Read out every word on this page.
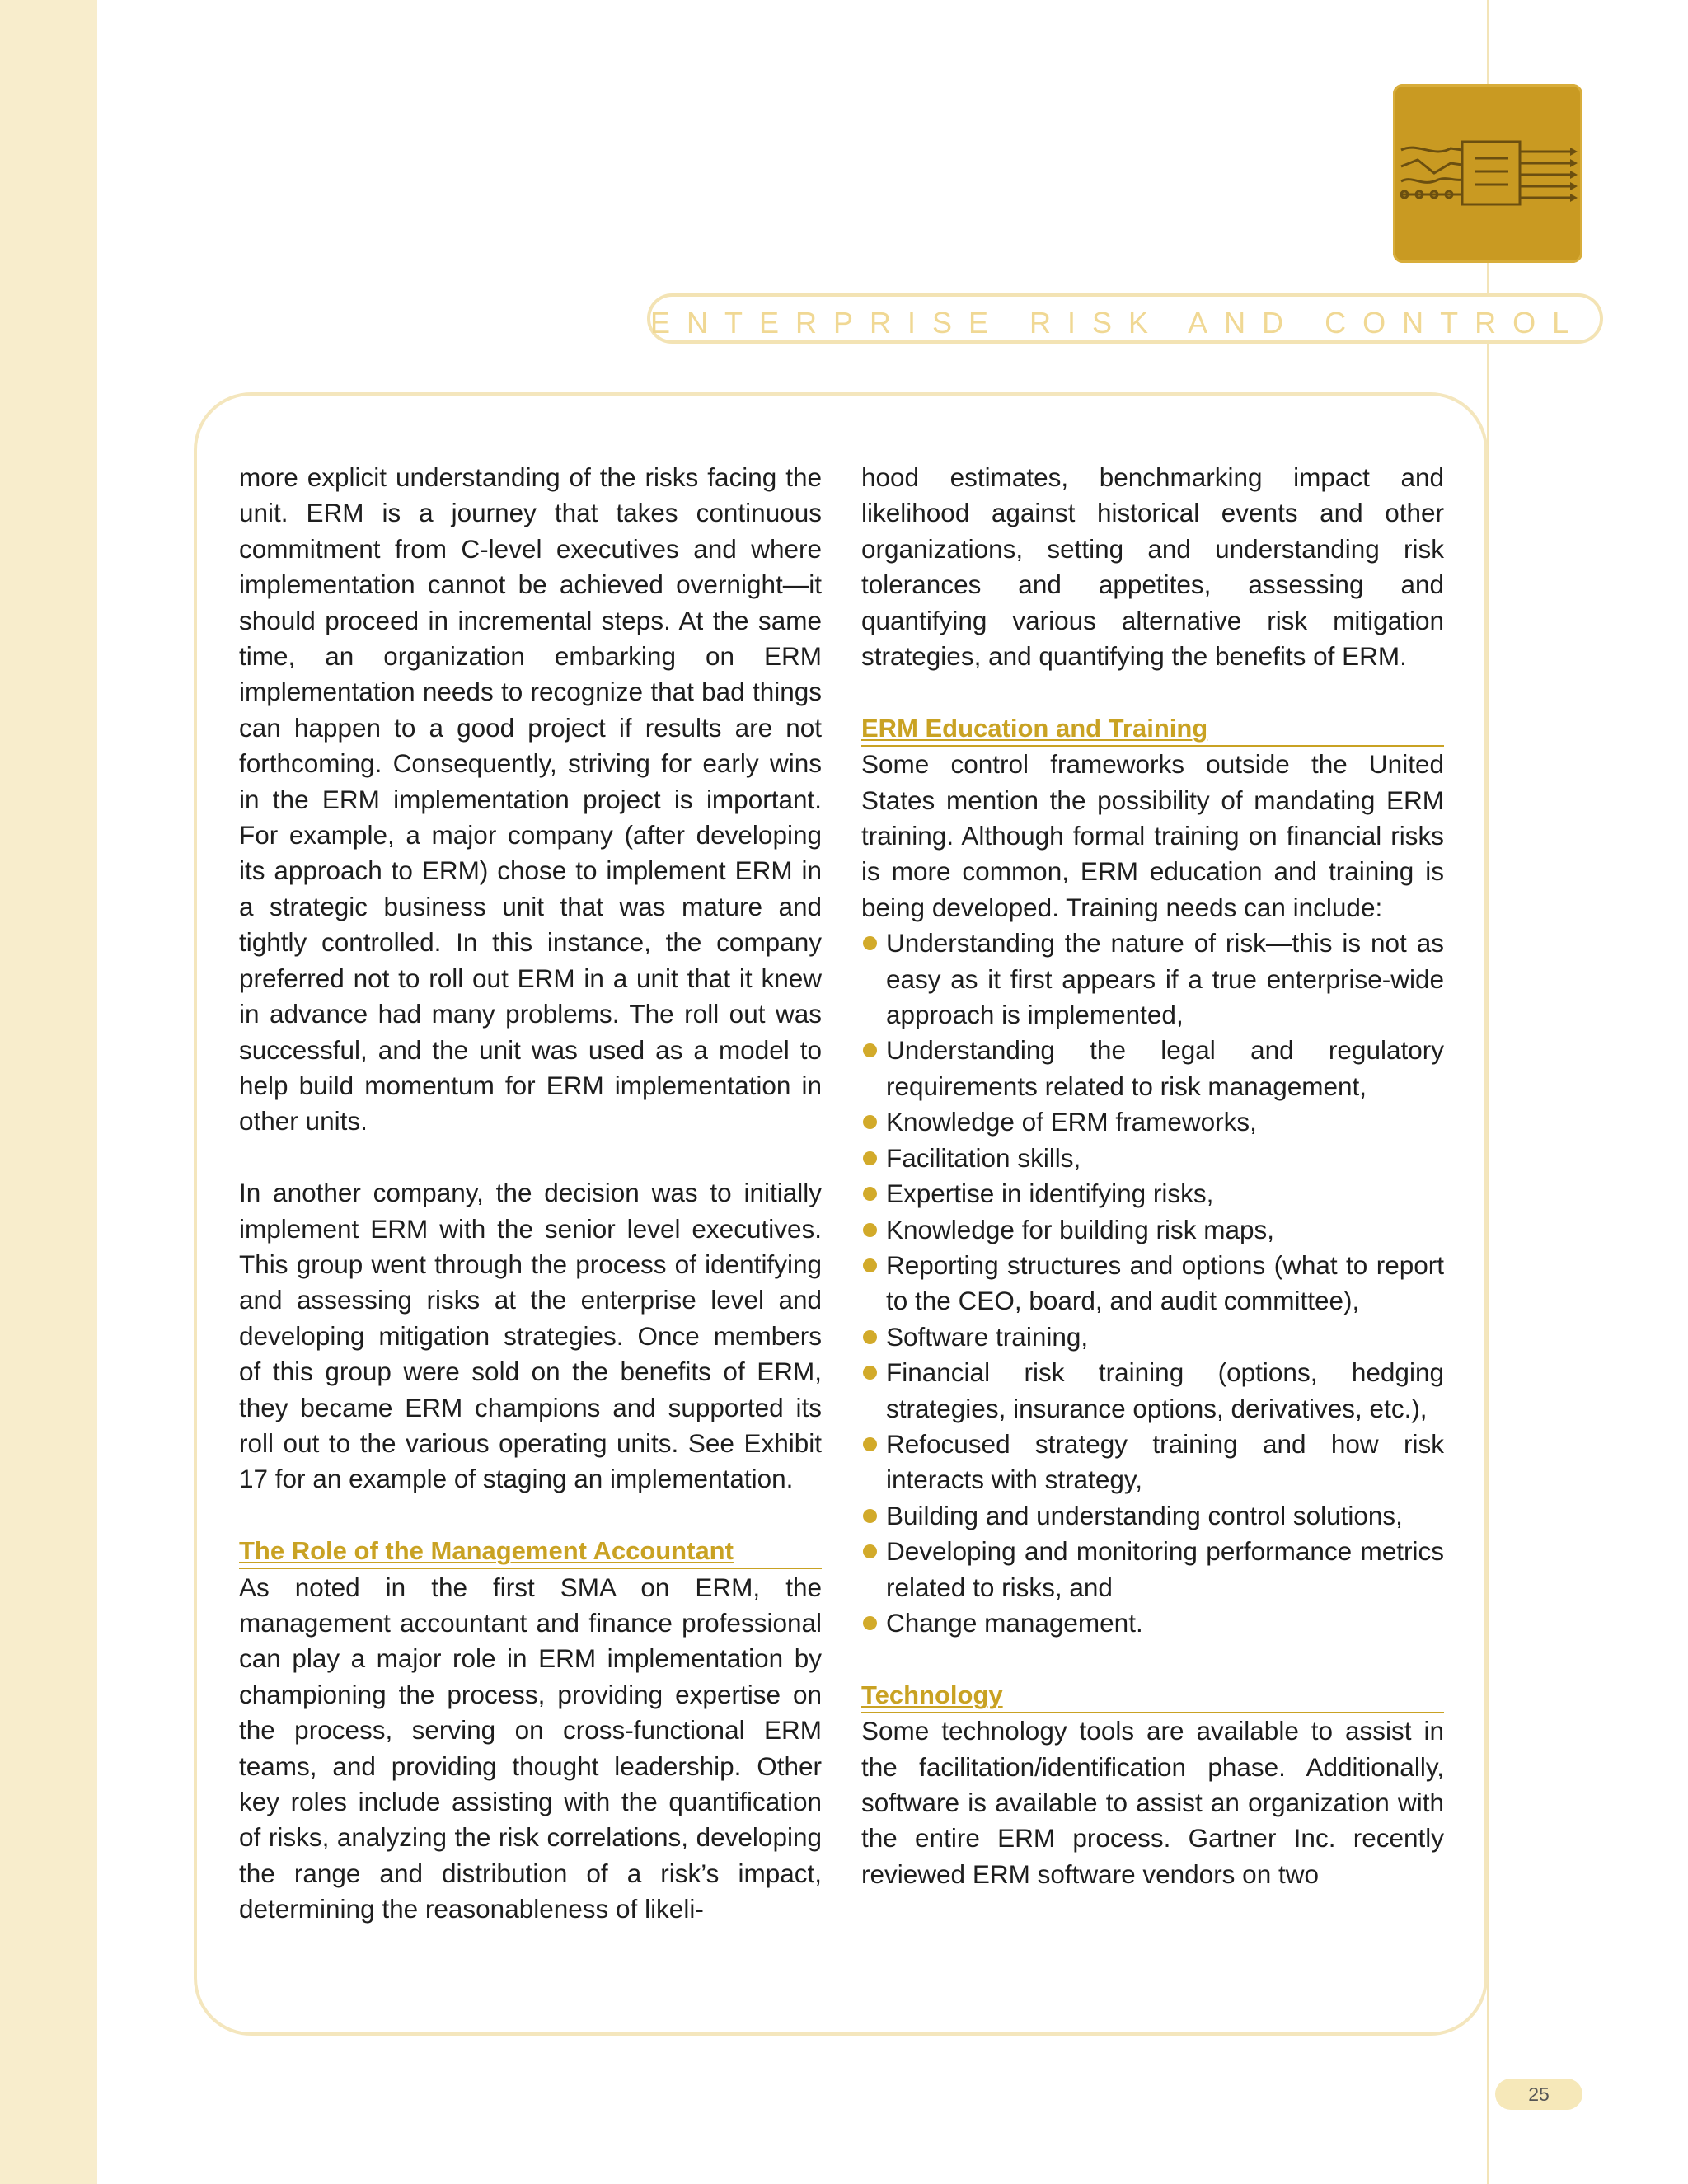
ENTERPRISE RISK AND CONTROL

more explicit understanding of the risks facing the unit. ERM is a journey that takes continuous commitment from C-level executives and where implementation cannot be achieved overnight—it should proceed in incremental steps. At the same time, an organization embarking on ERM implementation needs to recognize that bad things can happen to a good project if results are not forthcoming. Consequently, striving for early wins in the ERM implementation project is important. For example, a major company (after developing its approach to ERM) chose to implement ERM in a strategic business unit that was mature and tightly controlled. In this instance, the company preferred not to roll out ERM in a unit that it knew in advance had many problems. The roll out was successful, and the unit was used as a model to help build momentum for ERM implementation in other units.

In another company, the decision was to initially implement ERM with the senior level executives. This group went through the process of identifying and assessing risks at the enterprise level and developing mitigation strategies. Once members of this group were sold on the benefits of ERM, they became ERM champions and supported its roll out to the various operating units. See Exhibit 17 for an example of staging an implementation.

The Role of the Management Accountant

As noted in the first SMA on ERM, the management accountant and finance professional can play a major role in ERM implementation by championing the process, providing expertise on the process, serving on cross-functional ERM teams, and providing thought leadership. Other key roles include assisting with the quantification of risks, analyzing the risk correlations, developing the range and distribution of a risk’s impact, determining the reasonableness of likeli-

hood estimates, benchmarking impact and likelihood against historical events and other organizations, setting and understanding risk tolerances and appetites, assessing and quantifying various alternative risk mitigation strategies, and quantifying the benefits of ERM.

ERM Education and Training

Some control frameworks outside the United States mention the possibility of mandating ERM training. Although formal training on financial risks is more common, ERM education and training is being developed. Training needs can include:

Understanding the nature of risk—this is not as easy as it first appears if a true enterprise-wide approach is implemented,
Understanding the legal and regulatory requirements related to risk management,
Knowledge of ERM frameworks,
Facilitation skills,
Expertise in identifying risks,
Knowledge for building risk maps,
Reporting structures and options (what to report to the CEO, board, and audit committee),
Software training,
Financial risk training (options, hedging strategies, insurance options, derivatives, etc.),
Refocused strategy training and how risk interacts with strategy,
Building and understanding control solutions,
Developing and monitoring performance metrics related to risks, and
Change management.
Technology

Some technology tools are available to assist in the facilitation/identification phase. Additionally, software is available to assist an organization with the entire ERM process. Gartner Inc. recently reviewed ERM software vendors on two

25
